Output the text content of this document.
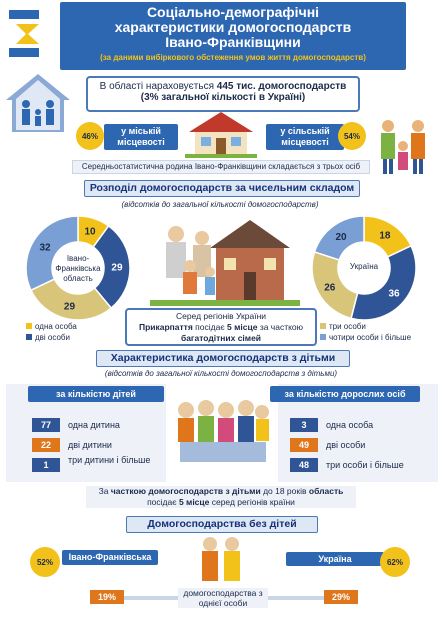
Соціально-демографічні
характеристики домогосподарств
Івано-Франківщини
(за даними вибіркового обстеження умов життя домогосподарств)
В області нараховується 445 тис. домогосподарств
(3% загальної кількості в Україні)
46%	у міській місцевості
у сільській місцевості
54%
Середньостатистична родина Івано-Франківщини складається з трьох осіб
Розподіл домогосподарств за чисельним складом
(відсотків до загальної кількості домогосподарств)
10
29
29
32
Івано-Франківська область
18
36
26
20
Україна
Серед регіонів України
Прикарпаття посідає 5 місце за часткою
багатодітних сімей
одна особа
дві особи
три особи
чотири особи і більше
Характеристика домогосподарств з дітьми
(відсотків до загальної кількості домогосподарств з дітьми)
за кількістю дітей
77	одна дитина
22	дві дитини
1	три дитини і більше
за кількістю дорослих осіб
3	одна особа
49	дві особи
48	три особи і більше
За часткою домогосподарств з дітьми до 18 років область посідає 5 місце серед регіонів країни
Домогосподарства без дітей
52%	Івано-Франківська	Україна	62%
19%	домогосподарства з однієї особи
29%
